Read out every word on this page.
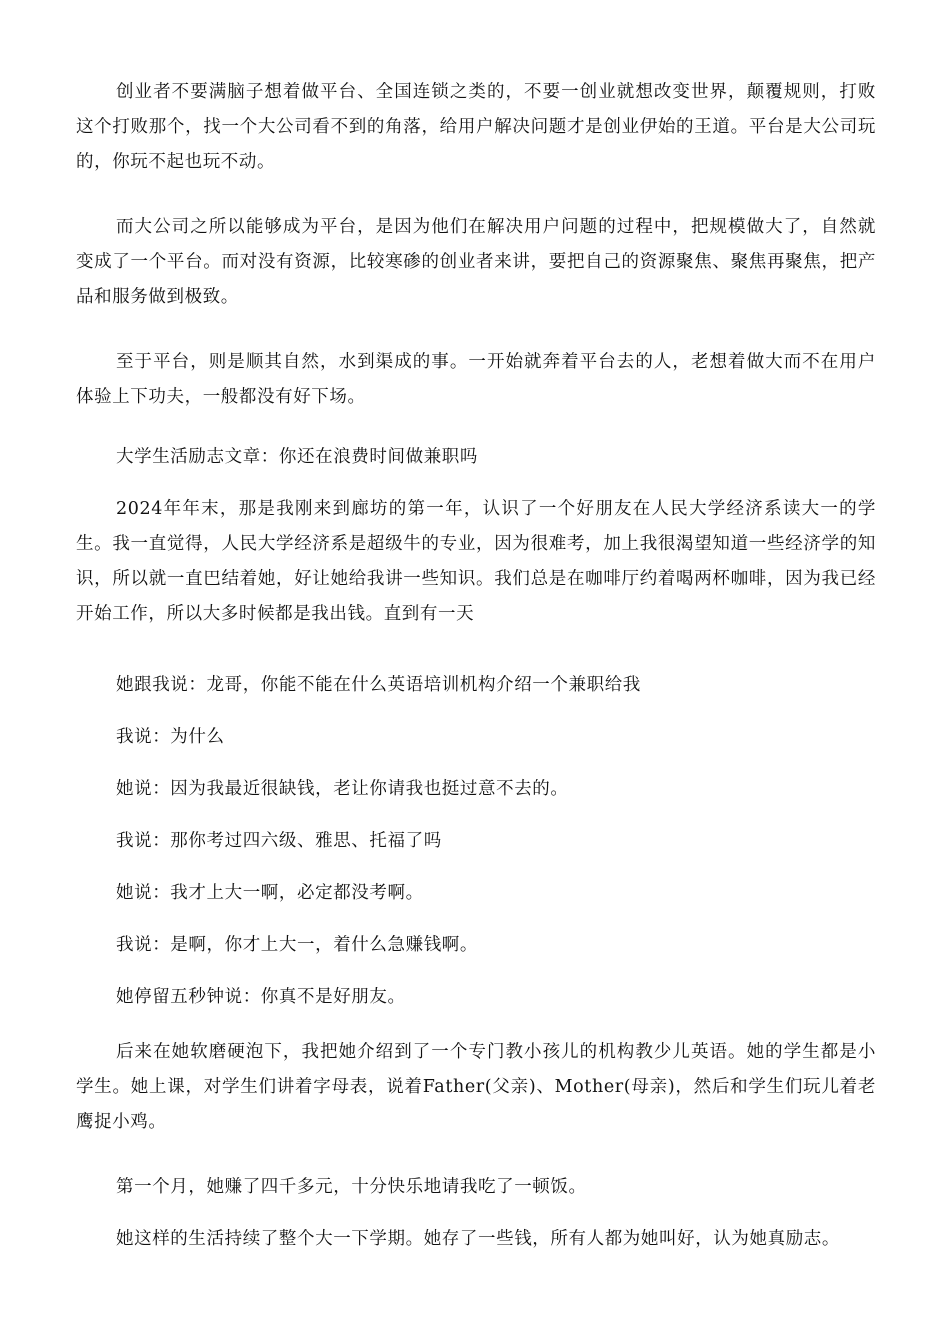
创业者不要满脑子想着做平台、全国连锁之类的，不要一创业就想改变世界，颠覆规则，打败这个打败那个，找一个大公司看不到的角落，给用户解决问题才是创业伊始的王道。平台是大公司玩的，你玩不起也玩不动。

而大公司之所以能够成为平台，是因为他们在解决用户问题的过程中，把规模做大了，自然就变成了一个平台。而对没有资源，比较寒碜的创业者来讲，要把自己的资源聚焦、聚焦再聚焦，把产品和服务做到极致。

至于平台，则是顺其自然，水到渠成的事。一开始就奔着平台去的人，老想着做大而不在用户体验上下功夫，一般都没有好下场。

大学生活励志文章：你还在浪费时间做兼职吗

2024年年末，那是我刚来到廊坊的第一年，认识了一个好朋友在人民大学经济系读大一的学生。我一直觉得，人民大学经济系是超级牛的专业，因为很难考，加上我很渴望知道一些经济学的知识，所以就一直巴结着她，好让她给我讲一些知识。我们总是在咖啡厅约着喝两杯咖啡，因为我已经开始工作，所以大多时候都是我出钱。直到有一天

她跟我说：龙哥，你能不能在什么英语培训机构介绍一个兼职给我

我说：为什么

她说：因为我最近很缺钱，老让你请我也挺过意不去的。

我说：那你考过四六级、雅思、托福了吗

她说：我才上大一啊，必定都没考啊。

我说：是啊，你才上大一，着什么急赚钱啊。

她停留五秒钟说：你真不是好朋友。

后来在她软磨硬泡下，我把她介绍到了一个专门教小孩儿的机构教少儿英语。她的学生都是小学生。她上课，对学生们讲着字母表，说着Father(父亲)、Mother(母亲)，然后和学生们玩儿着老鹰捉小鸡。

第一个月，她赚了四千多元，十分快乐地请我吃了一顿饭。

她这样的生活持续了整个大一下学期。她存了一些钱，所有人都为她叫好，认为她真励志。
